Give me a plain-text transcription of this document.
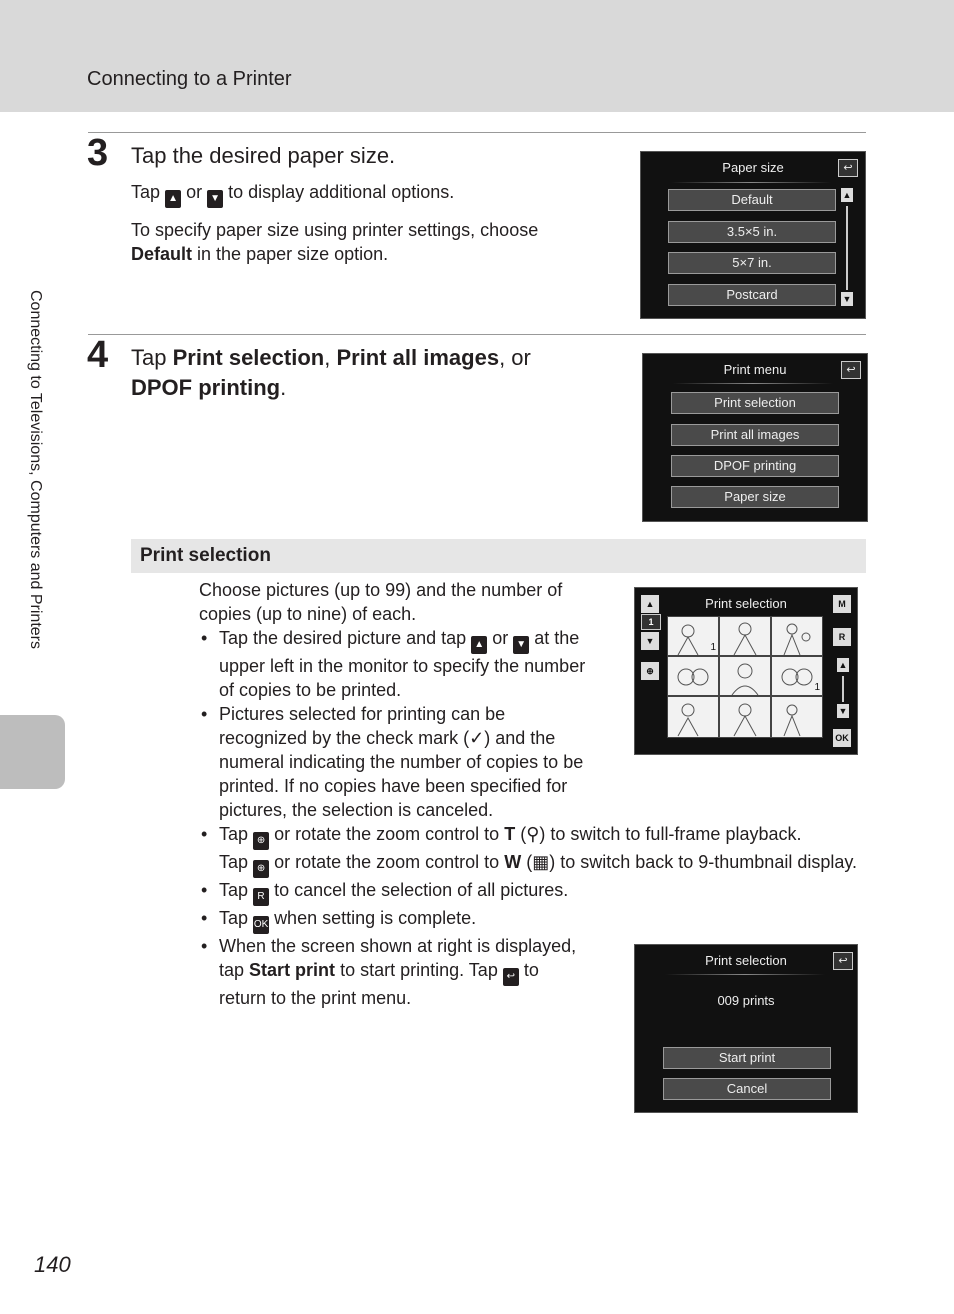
Connecting to a Printer
Connecting to Televisions, Computers and Printers
3 Tap the desired paper size.

Tap ▲ or ▼ to display additional options.

To specify paper size using printer settings, choose Default in the paper size option.

Paper size	↩
Default
3.5×5 in.
5×7 in.
Postcard
▲
▼
4 Tap Print selection, Print all images, or
DPOF printing.
Print menu	↩
Print selection
Print all images
DPOF printing
Paper size
Print selection

Choose pictures (up to 99) and the number of copies (up to nine) of each.

• Tap the desired picture and tap ▲ or ▼ at the upper left in the monitor to specify the number of copies to be printed.
• Pictures selected for printing can be recognized by the check mark (✓) and the numeral indicating the number of copies to be printed. If no copies have been specified for pictures, the selection is canceled.
• Tap ⊕ or rotate the zoom control to T (⚲) to switch to full-frame playback.
Tap ⊕ or rotate the zoom control to W (▦) to switch back to 9-thumbnail display.
• Tap R to cancel the selection of all pictures.
• Tap OK when setting is complete.
• When the screen shown at right is displayed, tap Start print to start printing. Tap ↩ to return to the print menu.
Print selection
▲
1
▼
⊕
M
R
▲
▼
OK
1
1
Print selection	↩
009 prints
Start print
Cancel
140
